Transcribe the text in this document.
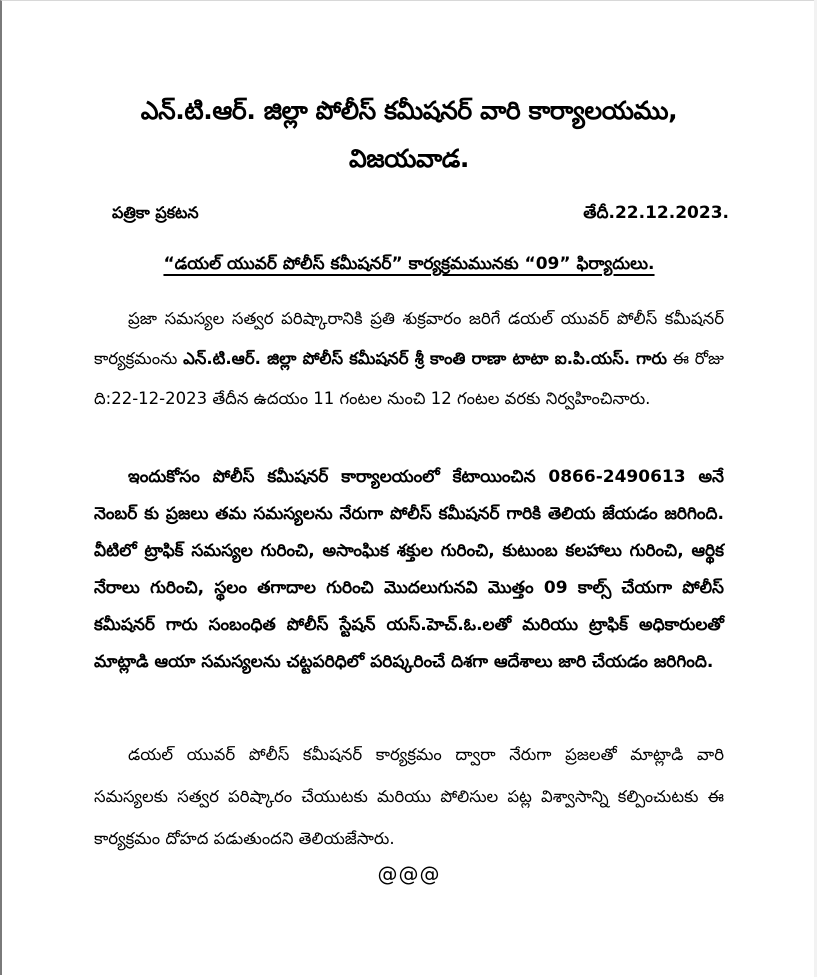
ఎన్.టి.ఆర్. జిల్లా పోలీస్ కమీషనర్ వారి కార్యాలయము,
విజయవాడ.
పత్రికా ప్రకటన	తేదీ.22.12.2023.
“డయల్ యువర్ పోలీస్ కమీషనర్” కార్యక్రమమునకు “09” ఫిర్యాదులు.

ప్రజా సమస్యల సత్వర పరిష్కారానికి ప్రతి శుక్రవారం జరిగే డయల్ యువర్ పోలీస్ కమీషనర్ కార్యక్రమంను ఎన్.టి.ఆర్. జిల్లా పోలీస్ కమీషనర్ శ్రీ కాంతి రాణా టాటా ఐ.పి.యస్. గారు ఈ రోజు ది:22-12-2023 తేదీన ఉదయం 11 గంటల నుంచి 12 గంటల వరకు నిర్వహించినారు.

ఇందుకోసం పోలీస్ కమీషనర్ కార్యాలయంలో కేటాయించిన 0866-2490613 అనే నెంబర్ కు ప్రజలు తమ సమస్యలను నేరుగా పోలీస్ కమీషనర్ గారికి తెలియ జేయడం జరిగింది. వీటిలో ట్రాఫిక్ సమస్యల గురించి, అసాంఘిక శక్తుల గురించి, కుటుంబ కలహాలు గురించి, ఆర్థిక నేరాలు గురించి, స్థలం తగాదాల గురించి మొదలుగునవి మొత్తం 09 కాల్స్ చేయగా పోలీస్ కమీషనర్ గారు సంబంధిత పోలీస్ స్టేషన్ యస్.హెచ్.ఓ.లతో మరియు ట్రాఫిక్ అధికారులతో మాట్లాడి ఆయా సమస్యలను చట్టపరిధిలో పరిష్కరించే దిశగా ఆదేశాలు జారి చేయడం జరిగింది.

డయల్ యువర్ పోలీస్ కమీషనర్ కార్యక్రమం ద్వారా నేరుగా ప్రజలతో మాట్లాడి వారి సమస్యలకు సత్వర పరిష్కారం చేయుటకు మరియు పోలిసుల పట్ల విశ్వాసాన్ని కల్పించుటకు ఈ కార్యక్రమం దోహద పడుతుందని తెలియజేసారు.

@@@
